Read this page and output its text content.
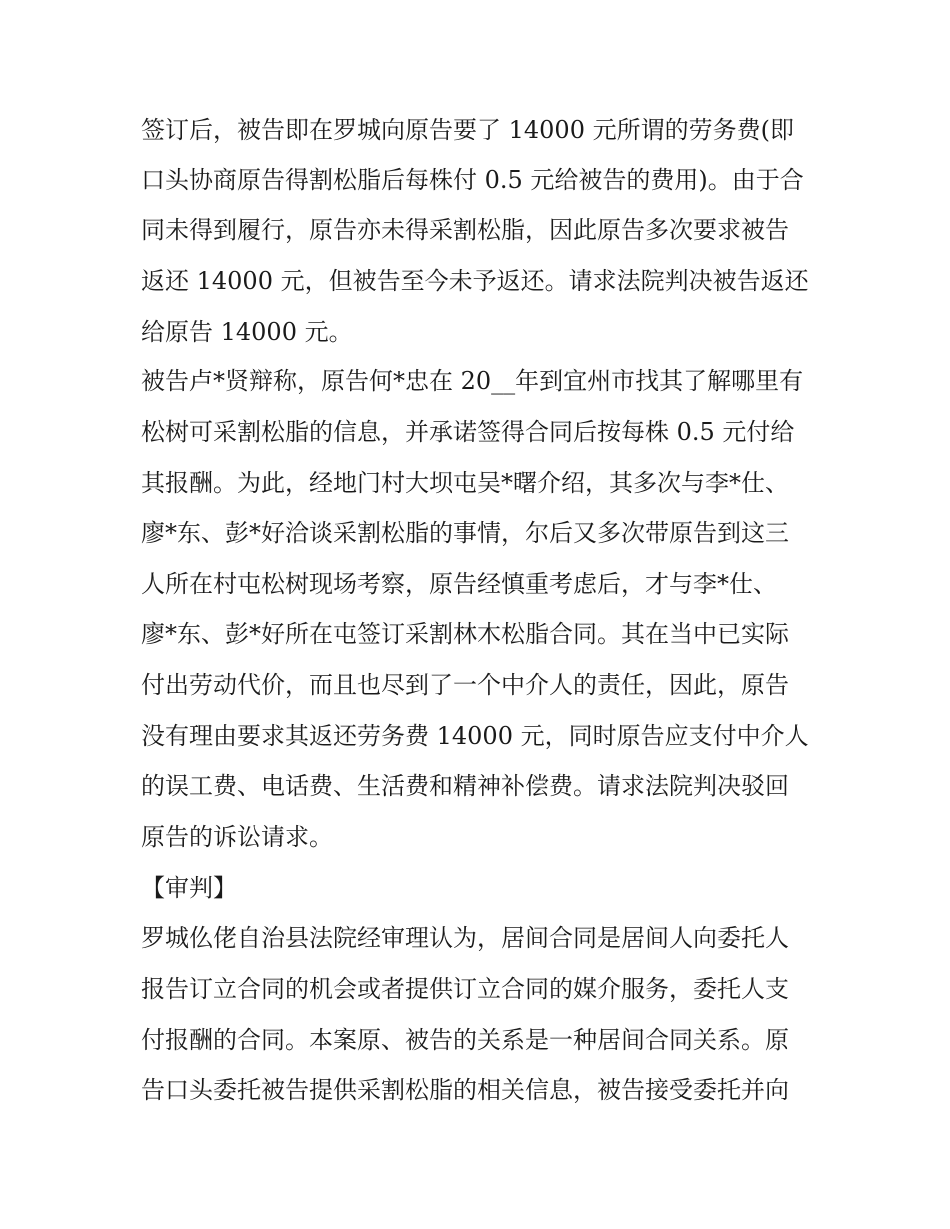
签订后，被告即在罗城向原告要了 14000 元所谓的劳务费(即
口头协商原告得割松脂后每株付 0.5 元给被告的费用)。由于合
同未得到履行，原告亦未得采割松脂，因此原告多次要求被告
返还 14000 元，但被告至今未予返还。请求法院判决被告返还
给原告 14000 元。
被告卢*贤辩称，原告何*忠在 20__年到宜州市找其了解哪里有
松树可采割松脂的信息，并承诺签得合同后按每株 0.5 元付给
其报酬。为此，经地门村大坝屯吴*曙介绍，其多次与李*仕、
廖*东、彭*好洽谈采割松脂的事情，尔后又多次带原告到这三
人所在村屯松树现场考察，原告经慎重考虑后，才与李*仕、
廖*东、彭*好所在屯签订采割林木松脂合同。其在当中已实际
付出劳动代价，而且也尽到了一个中介人的责任，因此，原告
没有理由要求其返还劳务费 14000 元，同时原告应支付中介人
的误工费、电话费、生活费和精神补偿费。请求法院判决驳回
原告的诉讼请求。
【审判】
罗城仫佬自治县法院经审理认为，居间合同是居间人向委托人
报告订立合同的机会或者提供订立合同的媒介服务，委托人支
付报酬的合同。本案原、被告的关系是一种居间合同关系。原
告口头委托被告提供采割松脂的相关信息，被告接受委托并向
